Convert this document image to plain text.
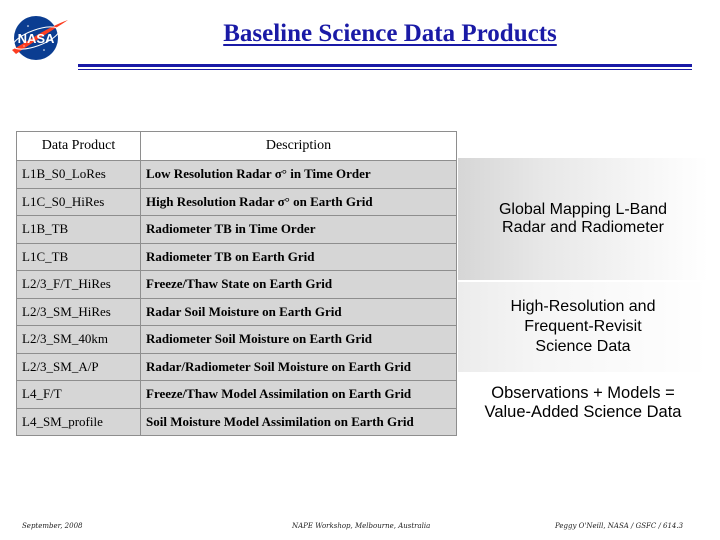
NASA	Baseline Science Data Products
Data Product	Description
L1B_S0_LoRes	Low Resolution Radar σ° in Time Order
L1C_S0_HiRes	High Resolution Radar σ° on Earth Grid
L1B_TB	Radiometer TB in Time Order
L1C_TB	Radiometer TB on Earth Grid
L2/3_F/T_HiRes	Freeze/Thaw State on Earth Grid
L2/3_SM_HiRes	Radar Soil Moisture on Earth Grid
L2/3_SM_40km	Radiometer Soil Moisture on Earth Grid
L2/3_SM_A/P	Radar/Radiometer Soil Moisture on Earth Grid
L4_F/T	Freeze/Thaw Model Assimilation on Earth Grid
L4_SM_profile	Soil Moisture Model Assimilation on Earth Grid
Global Mapping L-Band
Radar and Radiometer
High-Resolution and
Frequent-Revisit
Science Data
Observations + Models =
Value-Added Science Data
September, 2008	NAPE Workshop, Melbourne, Australia	Peggy O'Neill, NASA / GSFC / 614.3
